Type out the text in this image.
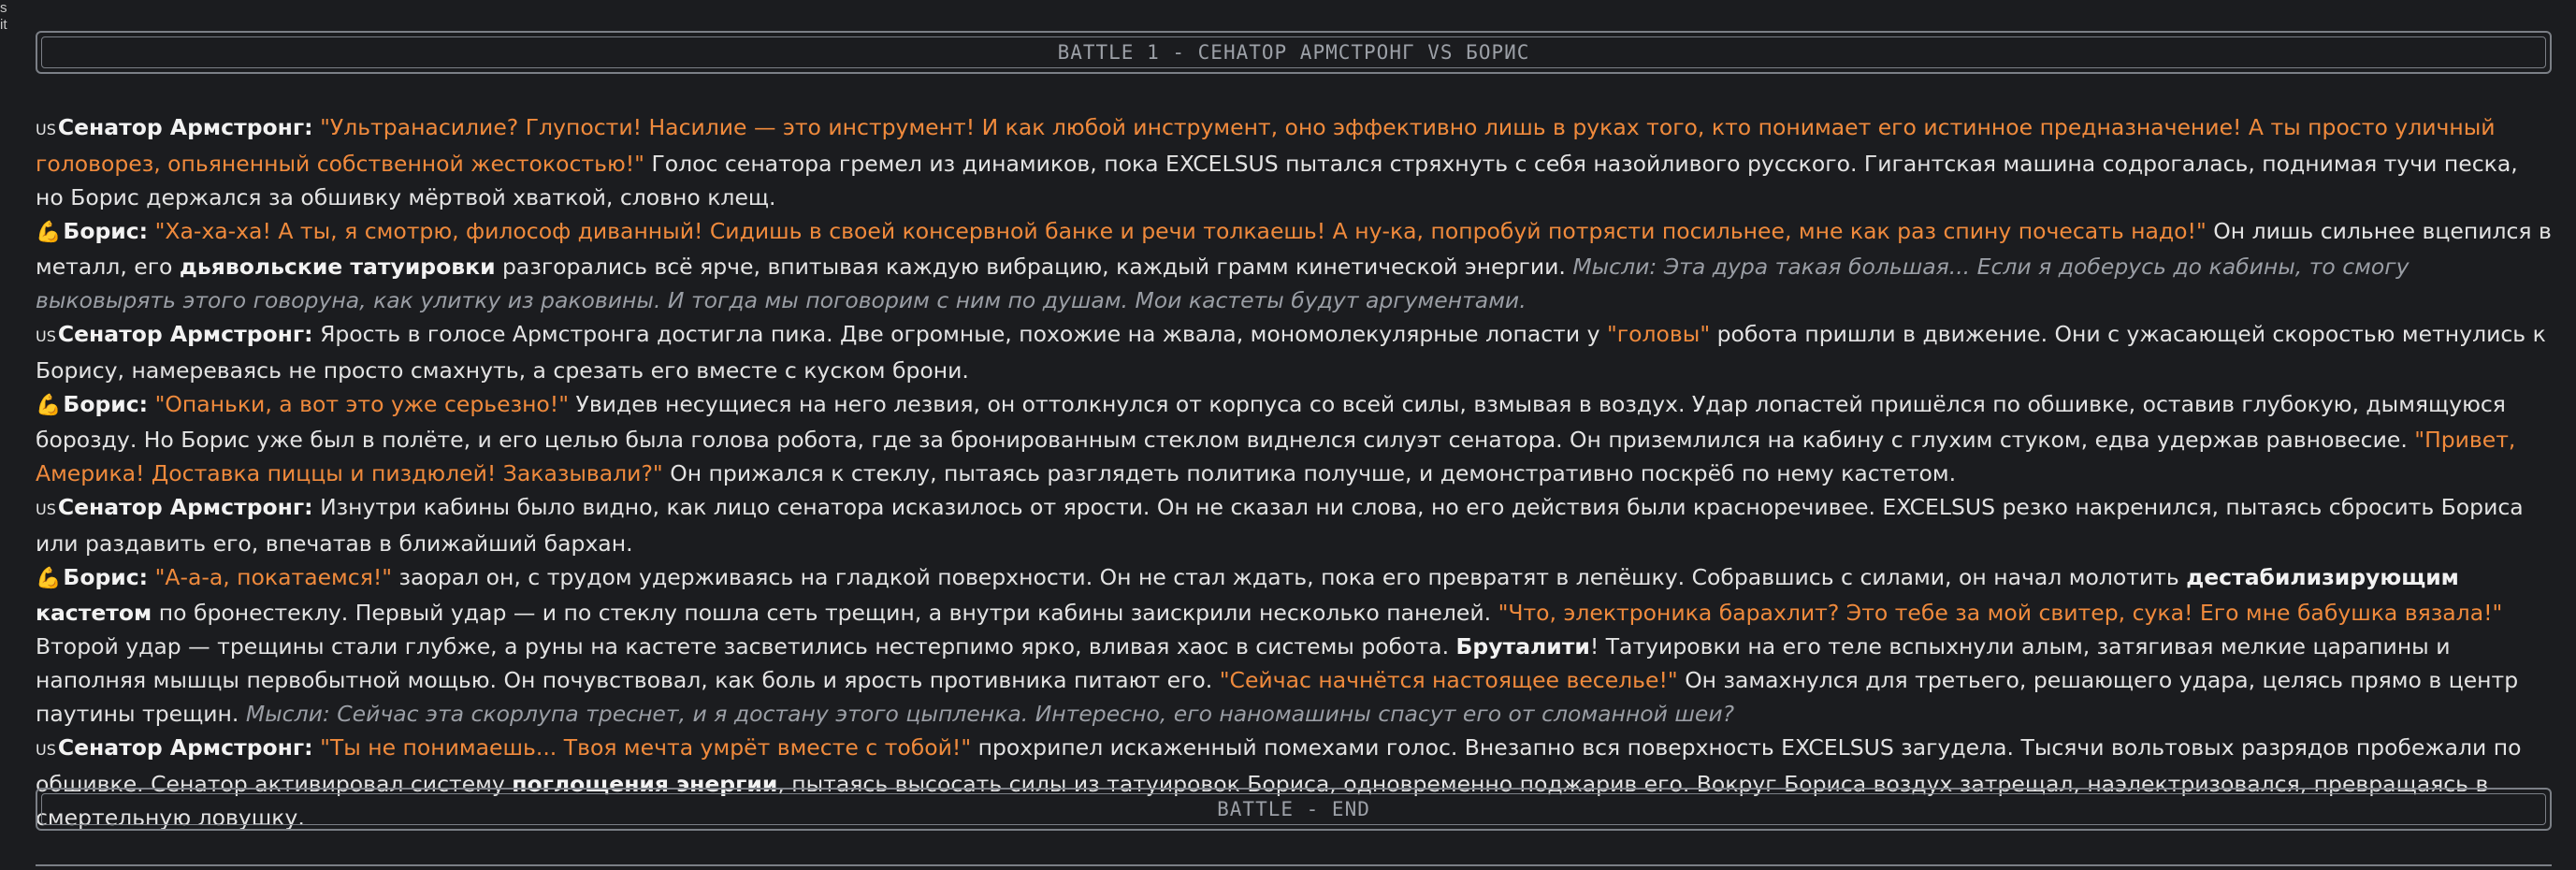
s
it
BATTLE 1 - СЕНАТОР АРМСТРОНГ VS БОРИС

USСенатор Армстронг: "Ультранасилие? Глупости! Насилие — это инструмент! И как любой инструмент, оно эффективно лишь в руках того, кто понимает его истинное предназначение! А ты просто уличный головорез, опьяненный собственной жестокостью!" Голос сенатора гремел из динамиков, пока EXCELSUS пытался стряхнуть с себя назойливого русского. Гигантская машина содрогалась, поднимая тучи песка, но Борис держался за обшивку мёртвой хваткой, словно клещ.

💪Борис: "Ха-ха-ха! А ты, я смотрю, философ диванный! Сидишь в своей консервной банке и речи толкаешь! А ну-ка, попробуй потрясти посильнее, мне как раз спину почесать надо!" Он лишь сильнее вцепился в металл, его дьявольские татуировки разгорались всё ярче, впитывая каждую вибрацию, каждый грамм кинетической энергии. Мысли: Эта дура такая большая... Если я доберусь до кабины, то смогу выковырять этого говоруна, как улитку из раковины. И тогда мы поговорим с ним по душам. Мои кастеты будут аргументами.

USСенатор Армстронг: Ярость в голосе Армстронга достигла пика. Две огромные, похожие на жвала, мономолекулярные лопасти у "головы" робота пришли в движение. Они с ужасающей скоростью метнулись к Борису, намереваясь не просто смахнуть, а срезать его вместе с куском брони.

💪Борис: "Опаньки, а вот это уже серьезно!" Увидев несущиеся на него лезвия, он оттолкнулся от корпуса со всей силы, взмывая в воздух. Удар лопастей пришёлся по обшивке, оставив глубокую, дымящуюся борозду. Но Борис уже был в полёте, и его целью была голова робота, где за бронированным стеклом виднелся силуэт сенатора. Он приземлился на кабину с глухим стуком, едва удержав равновесие. "Привет, Америка! Доставка пиццы и пиздюлей! Заказывали?" Он прижался к стеклу, пытаясь разглядеть политика получше, и демонстративно поскрёб по нему кастетом.

USСенатор Армстронг: Изнутри кабины было видно, как лицо сенатора исказилось от ярости. Он не сказал ни слова, но его действия были красноречивее. EXCELSUS резко накренился, пытаясь сбросить Бориса или раздавить его, впечатав в ближайший бархан.

💪Борис: "А-а-а, покатаемся!" заорал он, с трудом удерживаясь на гладкой поверхности. Он не стал ждать, пока его превратят в лепёшку. Собравшись с силами, он начал молотить дестабилизирующим кастетом по бронестеклу. Первый удар — и по стеклу пошла сеть трещин, а внутри кабины заискрили несколько панелей. "Что, электроника барахлит? Это тебе за мой свитер, сука! Его мне бабушка вязала!" Второй удар — трещины стали глубже, а руны на кастете засветились нестерпимо ярко, вливая хаос в системы робота. Бруталити! Татуировки на его теле вспыхнули алым, затягивая мелкие царапины и наполняя мышцы первобытной мощью. Он почувствовал, как боль и ярость противника питают его. "Сейчас начнётся настоящее веселье!" Он замахнулся для третьего, решающего удара, целясь прямо в центр паутины трещин. Мысли: Сейчас эта скорлупа треснет, и я достану этого цыпленка. Интересно, его наномашины спасут его от сломанной шеи?

USСенатор Армстронг: "Ты не понимаешь... Твоя мечта умрёт вместе с тобой!" прохрипел искаженный помехами голос. Внезапно вся поверхность EXCELSUS загудела. Тысячи вольтовых разрядов пробежали по обшивке. Сенатор активировал систему поглощения энергии, пытаясь высосать силы из татуировок Бориса, одновременно поджарив его. Вокруг Бориса воздух затрещал, наэлектризовался, превращаясь в смертельную ловушку.	BATTLE - END
